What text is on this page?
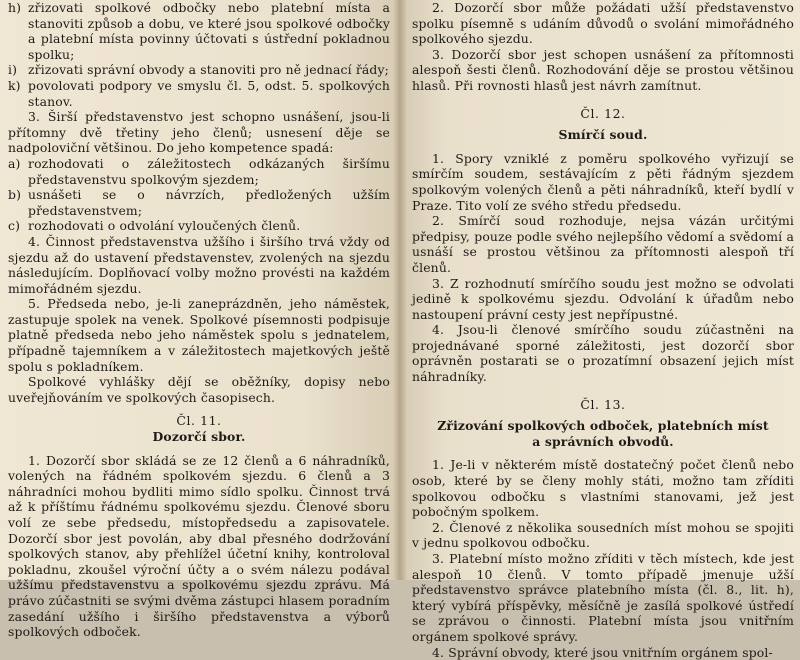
h) zřizovati spolkové odbočky nebo platební místa a stanoviti způsob a dobu, ve které jsou spolkové odbočky a platební místa povinny účtovati s ústřední pokladnou spolku;
i) zřizovati správní obvody a stanoviti pro ně jednací řády;
k) povolovati podpory ve smyslu čl. 5, odst. 5. spolkových stanov.

3. Širší představenstvo jest schopno usnášení, jsou-li přítomny dvě třetiny jeho členů; usnesení děje se nadpoloviční většinou. Do jeho kompetence spadá:

a) rozhodovati o záležitostech odkázaných širšímu představenstvu spolkovým sjezdem;
b) usnášeti se o návrzích, předložených užším představenstvem;
c) rozhodovati o odvolání vyloučených členů.

4. Činnost představenstva užšího i širšího trvá vždy od sjezdu až do ustavení představenstev, zvolených na sjezdu následujícím. Doplňovací volby možno provésti na každém mimořádném sjezdu.

5. Předseda nebo, je-li zaneprázdněn, jeho náměstek, zastupuje spolek na venek. Spolkové písemnosti podpisuje platně předseda nebo jeho náměstek spolu s jednatelem, případně tajemníkem a v záležitostech majetkových ještě spolu s pokladníkem.

Spolkové vyhlášky dějí se oběžníky, dopisy nebo uveřejňováním ve spolkových časopisech.

Čl. 11.

Dozorčí sbor.

1. Dozorčí sbor skládá se ze 12 členů a 6 náhradníků, volených na řádném spolkovém sjezdu. 6 členů a 3 náhradníci mohou bydliti mimo sídlo spolku. Činnost trvá až k příštímu řádnému spolkovému sjezdu. Členové sboru volí ze sebe předsedu, místopředsedu a zapisovatele. Dozorčí sbor jest povolán, aby dbal přesného dodržování spolkových stanov, aby přehlížel účetní knihy, kontroloval pokladnu, zkoušel výroční účty a o svém nálezu podával užšímu představenstvu a spolkovému sjezdu zprávu. Má právo zúčastniti se svými dvěma zástupci hlasem poradním zasedání užšího i širšího představenstva a výborů spolkových odboček.

2. Dozorčí sbor může požádati užší představenstvo spolku písemně s udáním důvodů o svolání mimořádného spolkového sjezdu.

3. Dozorčí sbor jest schopen usnášení za přítomnosti alespoň šesti členů. Rozhodování děje se prostou většinou hlasů. Při rovnosti hlasů jest návrh zamítnut.

Čl. 12.

Smírčí soud.

1. Spory vzniklé z poměru spolkového vyřizují se smírčím soudem, sestávajícím z pěti řádným sjezdem spolkovým volených členů a pěti náhradníků, kteří bydlí v Praze. Tito volí ze svého středu předsedu.

2. Smírčí soud rozhoduje, nejsa vázán určitými předpisy, pouze podle svého nejlepšího vědomí a svědomí a usnáší se prostou většinou za přítomnosti alespoň tří členů.

3. Z rozhodnutí smírčího soudu jest možno se odvolati jedině k spolkovému sjezdu. Odvolání k úřadům nebo nastoupení právní cesty jest nepřípustné.

4. Jsou-li členové smírčího soudu zúčastněni na projednávané sporné záležitosti, jest dozorčí sbor oprávněn postarati se o prozatímní obsazení jejich míst náhradníky.

Čl. 13.

Zřizování spolkových odboček, platebních míst

a správních obvodů.

1. Je-li v některém místě dostatečný počet členů nebo osob, které by se členy mohly státi, možno tam zříditi spolkovou odbočku s vlastními stanovami, jež jest pobočným spolkem.

2. Členové z několika sousedních míst mohou se spojiti v jednu spolkovou odbočku.

3. Platební místo možno zříditi v těch místech, kde jest alespoň 10 členů. V tomto případě jmenuje užší představenstvo správce platebního místa (čl. 8., lit. h), který vybírá příspěvky, měsíčně je zasílá spolkové ústředí se zprávou o činnosti. Platební místa jsou vnitřním orgánem spolkové správy.

4. Správní obvody, které jsou vnitřním orgánem spol-
